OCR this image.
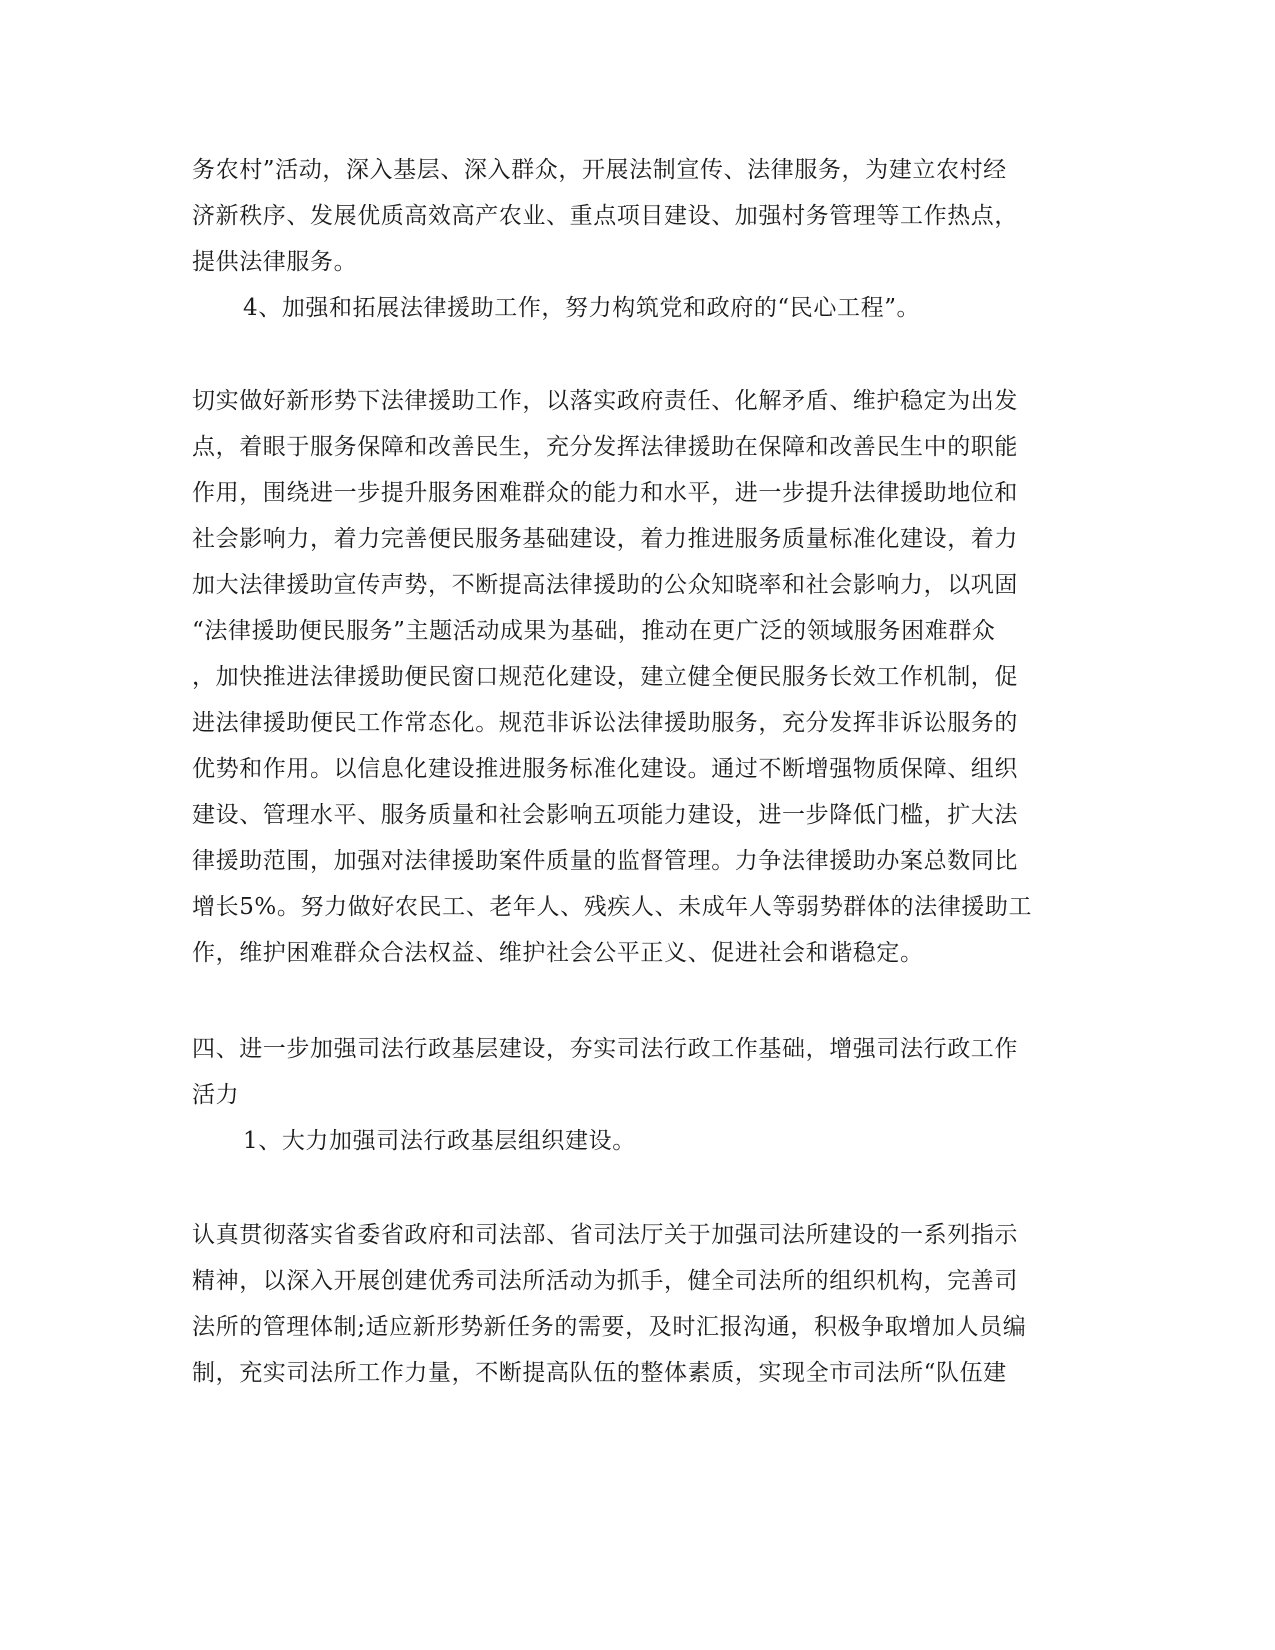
务农村”活动，深入基层、深入群众，开展法制宣传、法律服务，为建立农村经
济新秩序、发展优质高效高产农业、重点项目建设、加强村务管理等工作热点，
提供法律服务。
4、加强和拓展法律援助工作，努力构筑党和政府的“民心工程”。
切实做好新形势下法律援助工作，以落实政府责任、化解矛盾、维护稳定为出发
点，着眼于服务保障和改善民生，充分发挥法律援助在保障和改善民生中的职能
作用，围绕进一步提升服务困难群众的能力和水平，进一步提升法律援助地位和
社会影响力，着力完善便民服务基础建设，着力推进服务质量标准化建设，着力
加大法律援助宣传声势，不断提高法律援助的公众知晓率和社会影响力，以巩固
“法律援助便民服务”主题活动成果为基础，推动在更广泛的领域服务困难群众
，加快推进法律援助便民窗口规范化建设，建立健全便民服务长效工作机制，促
进法律援助便民工作常态化。规范非诉讼法律援助服务，充分发挥非诉讼服务的
优势和作用。以信息化建设推进服务标准化建设。通过不断增强物质保障、组织
建设、管理水平、服务质量和社会影响五项能力建设，进一步降低门槛，扩大法
律援助范围，加强对法律援助案件质量的监督管理。力争法律援助办案总数同比
增长5%。努力做好农民工、老年人、残疾人、未成年人等弱势群体的法律援助工
作，维护困难群众合法权益、维护社会公平正义、促进社会和谐稳定。
四、进一步加强司法行政基层建设，夯实司法行政工作基础，增强司法行政工作
活力
1、大力加强司法行政基层组织建设。
认真贯彻落实省委省政府和司法部、省司法厅关于加强司法所建设的一系列指示
精神，以深入开展创建优秀司法所活动为抓手，健全司法所的组织机构，完善司
法所的管理体制;适应新形势新任务的需要，及时汇报沟通，积极争取增加人员编
制，充实司法所工作力量，不断提高队伍的整体素质，实现全市司法所“队伍建
